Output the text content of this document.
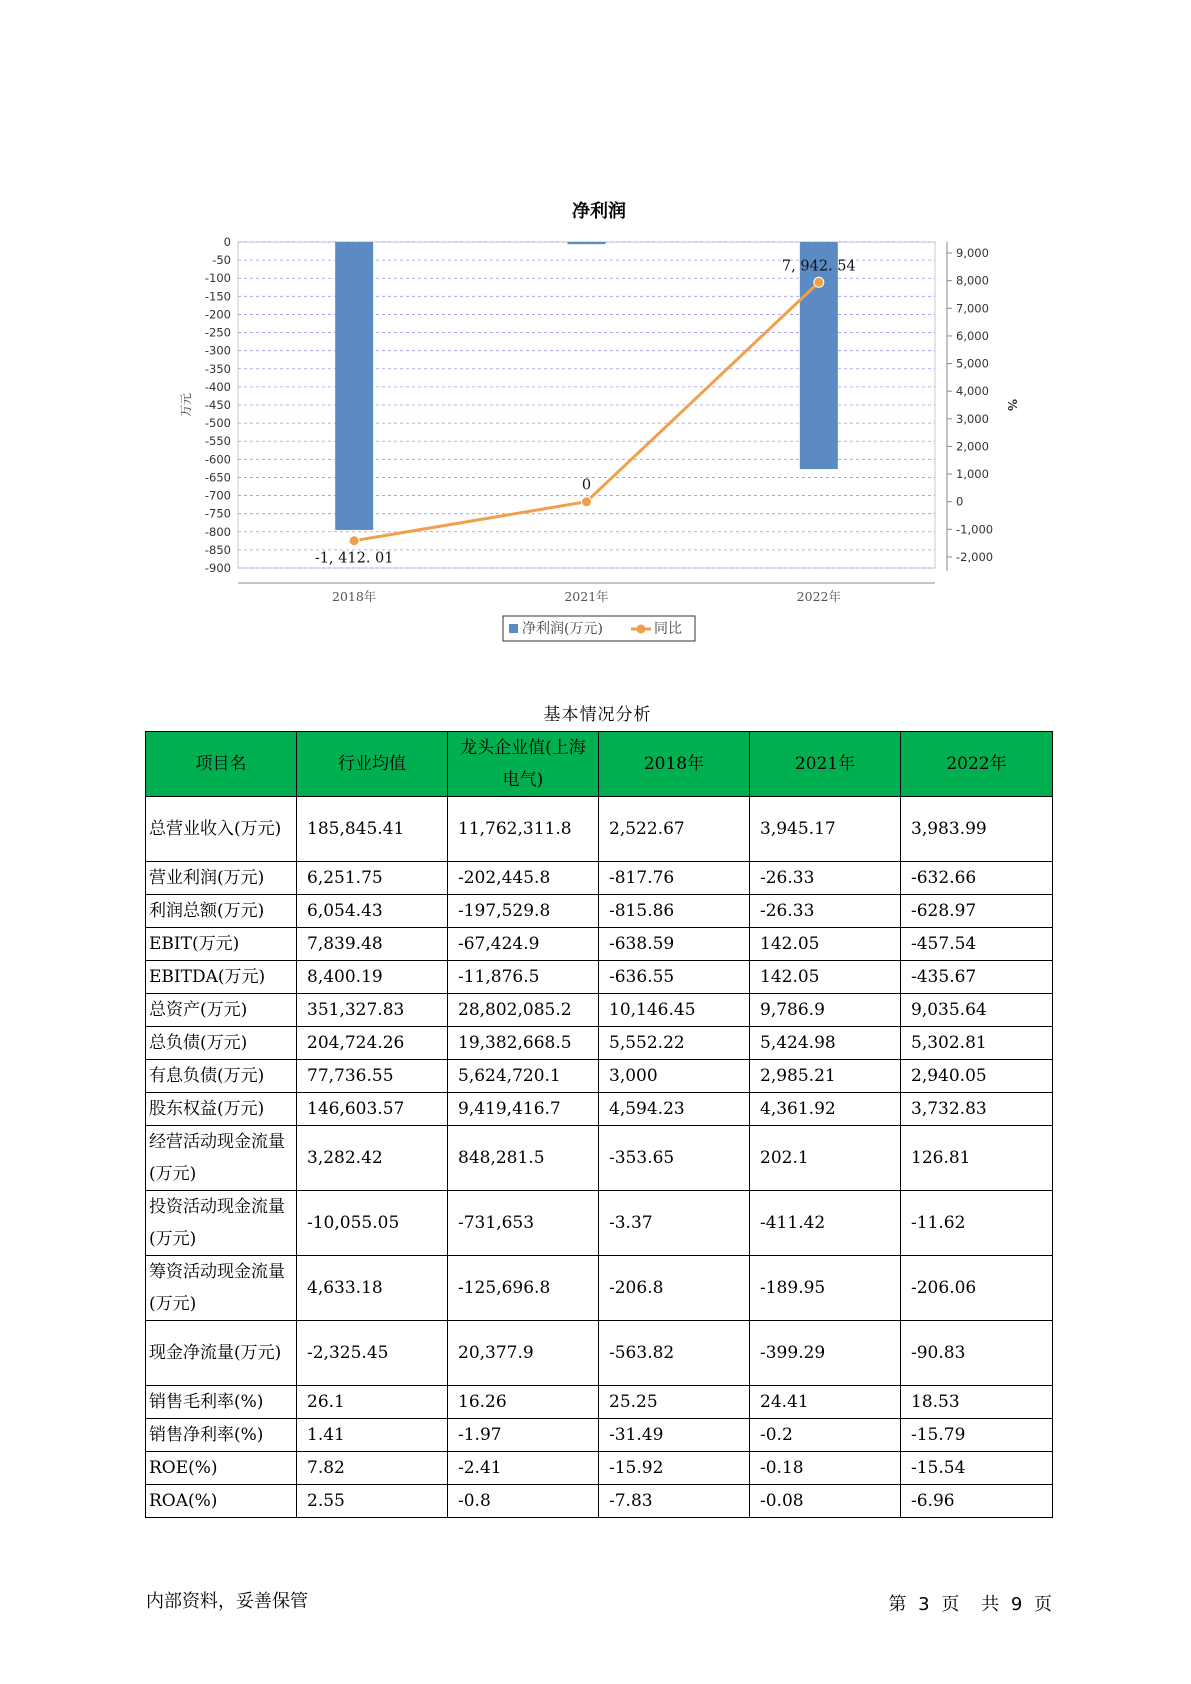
净利润
0
-50
-100
-150
-200
-250
-300
-350
-400
-450
-500
-550
-600
-650
-700
-750
-800
-850
-900
9,000
8,000
7,000
6,000
5,000
4,000
3,000
2,000
1,000
0
-1,000
-2,000
万元	%
2018年	2021年	2022年
-1, 412. 01
0
7, 942. 54
净利润(万元)	同比
基本情况分析
项目名	行业均值	龙头企业值(上海电气)	2018年	2021年	2022年
总营业收入(万元)	185,845.41	11,762,311.8	2,522.67	3,945.17	3,983.99
营业利润(万元)	6,251.75	-202,445.8	-817.76	-26.33	-632.66
利润总额(万元)	6,054.43	-197,529.8	-815.86	-26.33	-628.97
EBIT(万元)	7,839.48	-67,424.9	-638.59	142.05	-457.54
EBITDA(万元)	8,400.19	-11,876.5	-636.55	142.05	-435.67
总资产(万元)	351,327.83	28,802,085.2	10,146.45	9,786.9	9,035.64
总负债(万元)	204,724.26	19,382,668.5	5,552.22	5,424.98	5,302.81
有息负债(万元)	77,736.55	5,624,720.1	3,000	2,985.21	2,940.05
股东权益(万元)	146,603.57	9,419,416.7	4,594.23	4,361.92	3,732.83
经营活动现金流量(万元)	3,282.42	848,281.5	-353.65	202.1	126.81
投资活动现金流量(万元)	-10,055.05	-731,653	-3.37	-411.42	-11.62
筹资活动现金流量(万元)	4,633.18	-125,696.8	-206.8	-189.95	-206.06
现金净流量(万元)	-2,325.45	20,377.9	-563.82	-399.29	-90.83
销售毛利率(%)	26.1	16.26	25.25	24.41	18.53
销售净利率(%)	1.41	-1.97	-31.49	-0.2	-15.79
ROE(%)	7.82	-2.41	-15.92	-0.18	-15.54
ROA(%)	2.55	-0.8	-7.83	-0.08	-6.96
内部资料，妥善保管	第 3 页 共 9 页
